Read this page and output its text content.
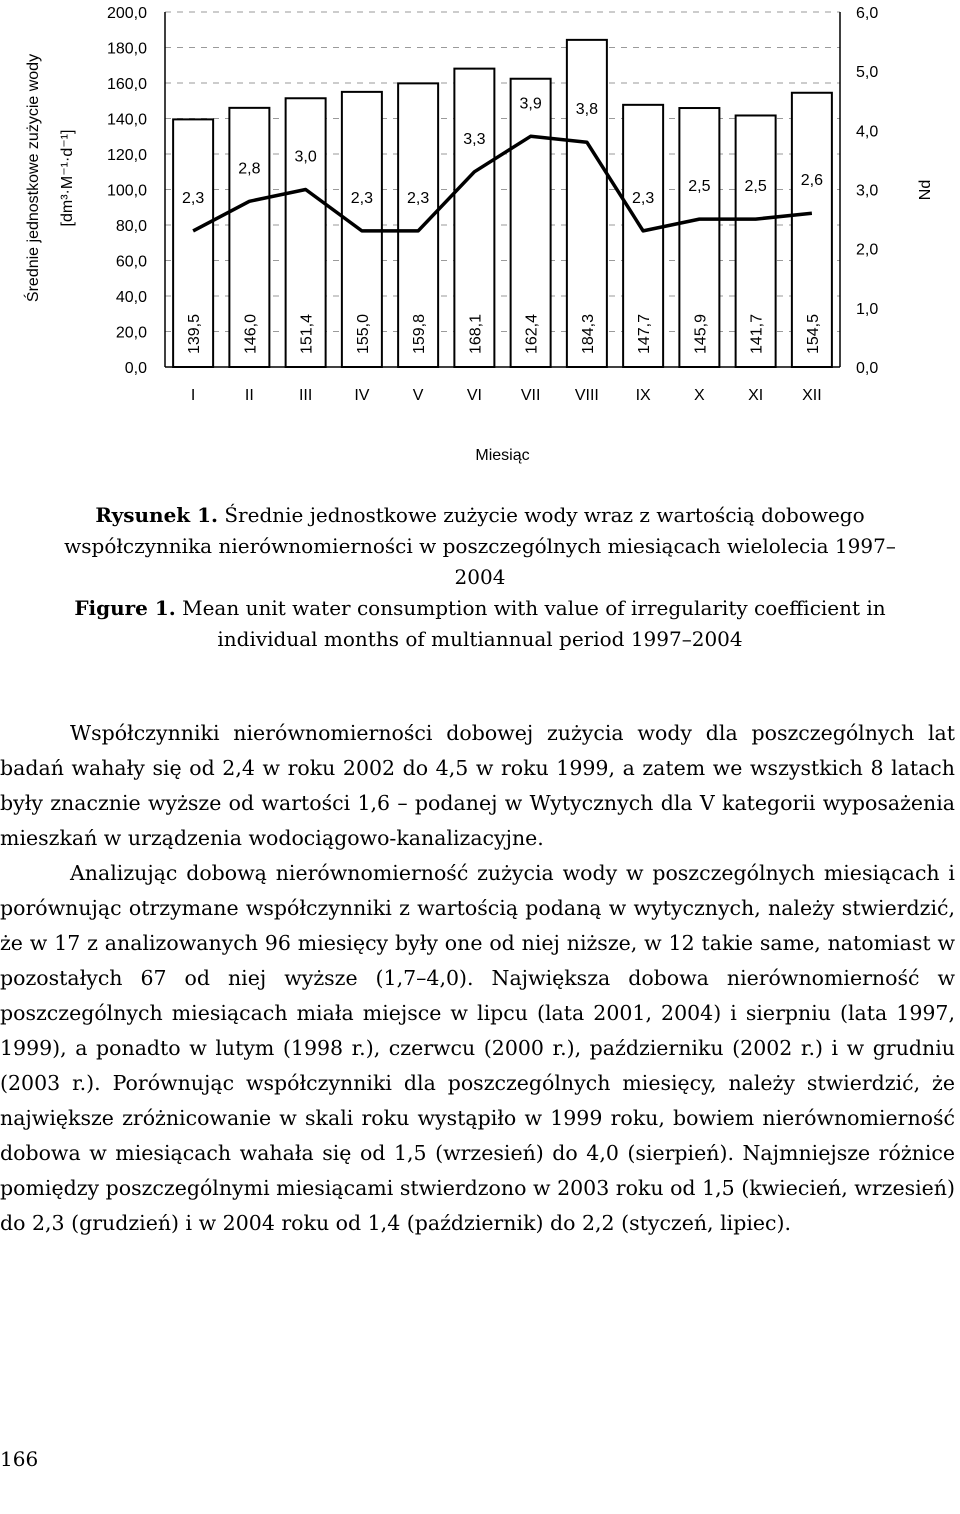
0,0
20,0
40,0
60,0
80,0
100,0
120,0
140,0
160,0
180,0
200,0
0,0
1,0
2,0
3,0
4,0
5,0
6,0
139,5
I
146,0
II
151,4
III
155,0
IV
159,8
V
168,1
VI
162,4
VII
184,3
VIII
147,7
IX
145,9
X
141,7
XI
154,5
XII
2,3
2,8
3,0
2,3 2,3
3,3
3,9 3,8
2,3
2,5 2,5 2,6
Średnie jednostkowe zużycie wody [dm³·M⁻¹·d⁻¹]	Nd
Miesiąc
Rysunek 1. Średnie jednostkowe zużycie wody wraz z wartością dobowego współczynnika nierównomierności w poszczególnych miesiącach wielolecia 1997–2004
Figure 1. Mean unit water consumption with value of irregularity coefficient in individual months of multiannual period 1997–2004

Współczynniki nierównomierności dobowej zużycia wody dla poszczególnych lat badań wahały się od 2,4 w roku 2002 do 4,5 w roku 1999, a zatem we wszystkich 8 latach były znacznie wyższe od wartości 1,6 – podanej w Wytycznych dla V kategorii wyposażenia mieszkań w urządzenia wodociągowo-kanalizacyjne.

Analizując dobową nierównomierność zużycia wody w poszczególnych miesiącach i porównując otrzymane współczynniki z wartością podaną w wytycznych, należy stwierdzić, że w 17 z analizowanych 96 miesięcy były one od niej niższe, w 12 takie same, natomiast w pozostałych 67 od niej wyższe (1,7–4,0). Największa dobowa nierównomierność w poszczególnych miesiącach miała miejsce w lipcu (lata 2001, 2004) i sierpniu (lata 1997, 1999), a ponadto w lutym (1998 r.), czerwcu (2000 r.), październiku (2002 r.) i w grudniu (2003 r.). Porównując współczynniki dla poszczególnych miesięcy, należy stwierdzić, że największe zróżnicowanie w skali roku wystąpiło w 1999 roku, bowiem nierównomierność dobowa w miesiącach wahała się od 1,5 (wrzesień) do 4,0 (sierpień). Najmniejsze różnice pomiędzy poszczególnymi miesiącami stwierdzono w 2003 roku od 1,5 (kwiecień, wrzesień) do 2,3 (grudzień) i w 2004 roku od 1,4 (październik) do 2,2 (styczeń, lipiec).

166
